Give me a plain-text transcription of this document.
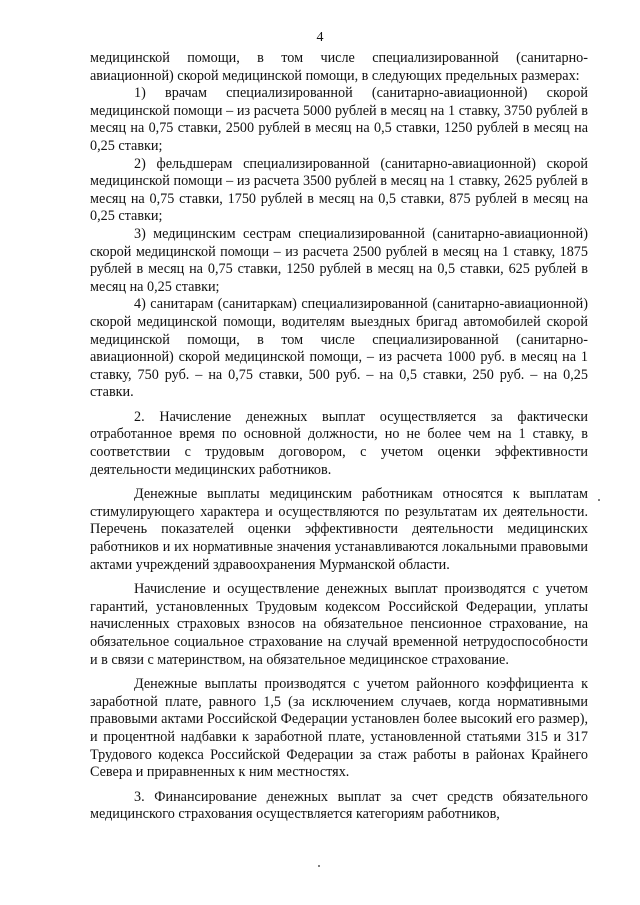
4

медицинской помощи, в том числе специализированной (санитарно-авиационной) скорой медицинской помощи, в следующих предельных размерах:

1) врачам специализированной (санитарно-авиационной) скорой медицинской помощи – из расчета 5000 рублей в месяц на 1 ставку, 3750 рублей в месяц на 0,75 ставки, 2500 рублей в месяц на 0,5 ставки, 1250 рублей в месяц на 0,25 ставки;

2) фельдшерам специализированной (санитарно-авиационной) скорой медицинской помощи – из расчета 3500 рублей в месяц на 1 ставку, 2625 рублей в месяц на 0,75 ставки, 1750 рублей в месяц на 0,5 ставки, 875 рублей в месяц на 0,25 ставки;

3) медицинским сестрам специализированной (санитарно-авиационной) скорой медицинской помощи – из расчета 2500 рублей в месяц на 1 ставку, 1875 рублей в месяц на 0,75 ставки, 1250 рублей в месяц на 0,5 ставки, 625 рублей в месяц на 0,25 ставки;

4) санитарам (санитаркам) специализированной (санитарно-авиационной) скорой медицинской помощи, водителям выездных бригад автомобилей скорой медицинской помощи, в том числе специализированной (санитарно-авиационной) скорой медицинской помощи, – из расчета 1000 руб. в месяц на 1 ставку, 750 руб. – на 0,75 ставки, 500 руб. – на 0,5 ставки, 250 руб. – на 0,25 ставки.

2. Начисление денежных выплат осуществляется за фактически отработанное время по основной должности, но не более чем на 1 ставку, в соответствии с трудовым договором, с учетом оценки эффективности деятельности медицинских работников.

Денежные выплаты медицинским работникам относятся к выплатам стимулирующего характера и осуществляются по результатам их деятельности. Перечень показателей оценки эффективности деятельности медицинских работников и их нормативные значения устанавливаются локальными правовыми актами учреждений здравоохранения Мурманской области.

Начисление и осуществление денежных выплат производятся с учетом гарантий, установленных Трудовым кодексом Российской Федерации, уплаты начисленных страховых взносов на обязательное пенсионное страхование, на обязательное социальное страхование на случай временной нетрудоспособности и в связи с материнством, на обязательное медицинское страхование.

Денежные выплаты производятся с учетом районного коэффициента к заработной плате, равного 1,5 (за исключением случаев, когда нормативными правовыми актами Российской Федерации установлен более высокий его размер), и процентной надбавки к заработной плате, установленной статьями 315 и 317 Трудового кодекса Российской Федерации за стаж работы в районах Крайнего Севера и приравненных к ним местностях.

3. Финансирование денежных выплат за счет средств обязательного медицинского страхования осуществляется категориям работников,
